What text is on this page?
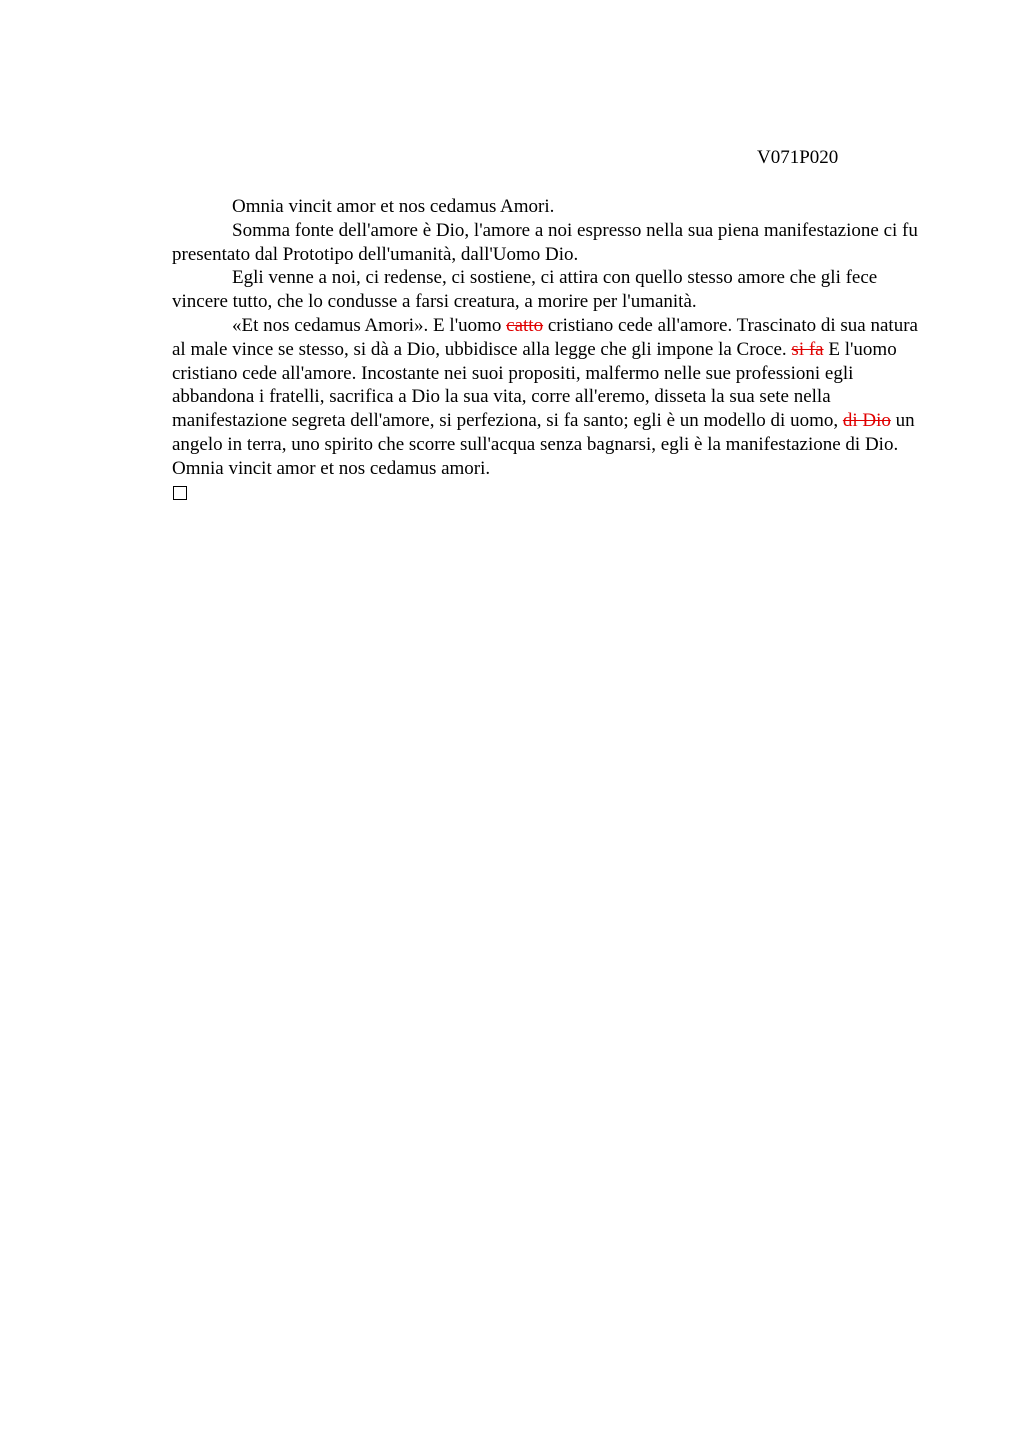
V071P020

Omnia vincit amor et nos cedamus Amori.

Somma fonte dell'amore è Dio, l'amore a noi espresso nella sua piena manifestazione ci fu presentato dal Prototipo dell'umanità, dall'Uomo Dio.

Egli venne a noi, ci redense, ci sostiene, ci attira con quello stesso amore che gli fece vincere tutto, che lo condusse a farsi creatura, a morire per l'umanità.

«Et nos cedamus Amori». E l'uomo catto cristiano cede all'amore. Trascinato di sua natura al male vince se stesso, si dà a Dio, ubbidisce alla legge che gli impone la Croce. si fa E l'uomo cristiano cede all'amore. Incostante nei suoi propositi, malfermo nelle sue professioni egli abbandona i fratelli, sacrifica a Dio la sua vita, corre all'eremo, disseta la sua sete nella manifestazione segreta dell'amore, si perfeziona, si fa santo; egli è un modello di uomo, di Dio un angelo in terra, uno spirito che scorre sull'acqua senza bagnarsi, egli è la manifestazione di Dio. Omnia vincit amor et nos cedamus amori.
